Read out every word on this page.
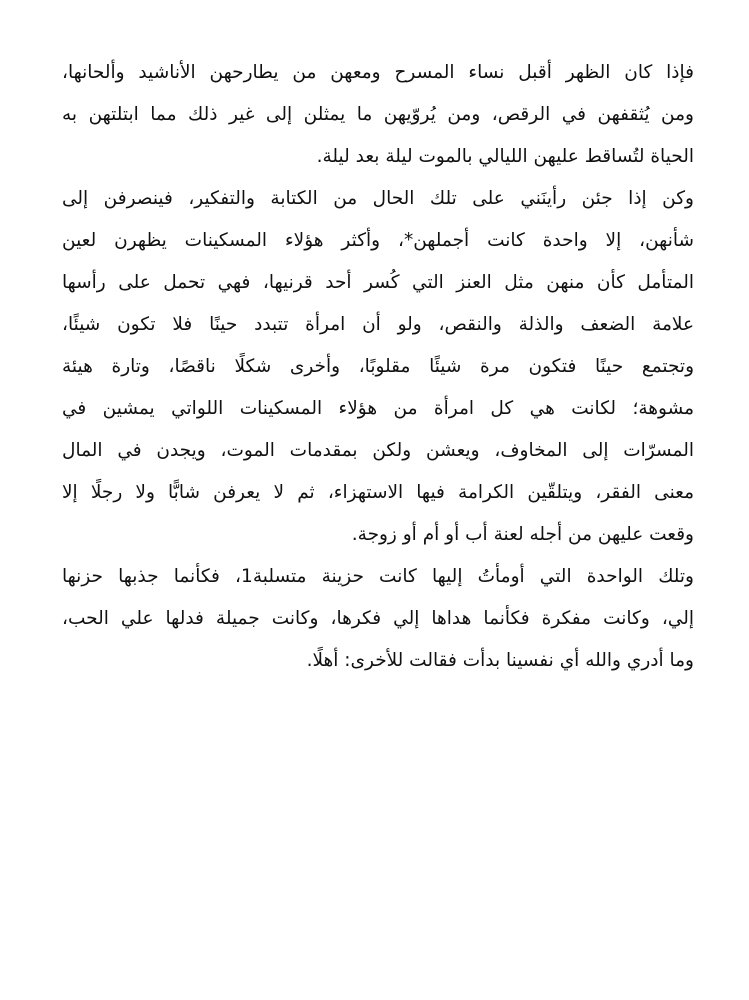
فإذا كان الظهر أقبل نساء المسرح ومعهن من يطارحهن الأناشيد وألحانها،
ومن يُثقفهن في الرقص، ومن يُروّيهن ما يمثلن إلى غير ذلك مما ابتلتهن به
الحياة لتُساقط عليهن الليالي بالموت ليلة بعد ليلة.
وكن إذا جئن رأينَني على تلك الحال من الكتابة والتفكير، فينصرفن إلى
شأنهن، إلا واحدة كانت أجملهن*، وأكثر هؤلاء المسكينات يظهرن لعين
المتأمل كأن منهن مثل العنز التي كُسر أحد قرنيها، فهي تحمل على رأسها
علامة الضعف والذلة والنقص، ولو أن امرأة تتبدد حينًا فلا تكون شيئًا،
وتجتمع حينًا فتكون مرة شيئًا مقلوبًا، وأخرى شكلًا ناقصًا، وتارة هيئة
مشوهة؛ لكانت هي كل امرأة من هؤلاء المسكينات اللواتي يمشين في
المسرّات إلى المخاوف، ويعشن ولكن بمقدمات الموت، ويجدن في المال
معنى الفقر، ويتلقّين الكرامة فيها الاستهزاء، ثم لا يعرفن شابًّا ولا رجلًا إلا
وقعت عليهن من أجله لعنة أب أو أم أو زوجة.
وتلك الواحدة التي أومأتُ إليها كانت حزينة متسلبة1، فكأنما جذبها حزنها
إلي، وكانت مفكرة فكأنما هداها إلي فكرها، وكانت جميلة فدلها علي الحب،
وما أدري والله أي نفسينا بدأت فقالت للأخرى: أهلًا.
